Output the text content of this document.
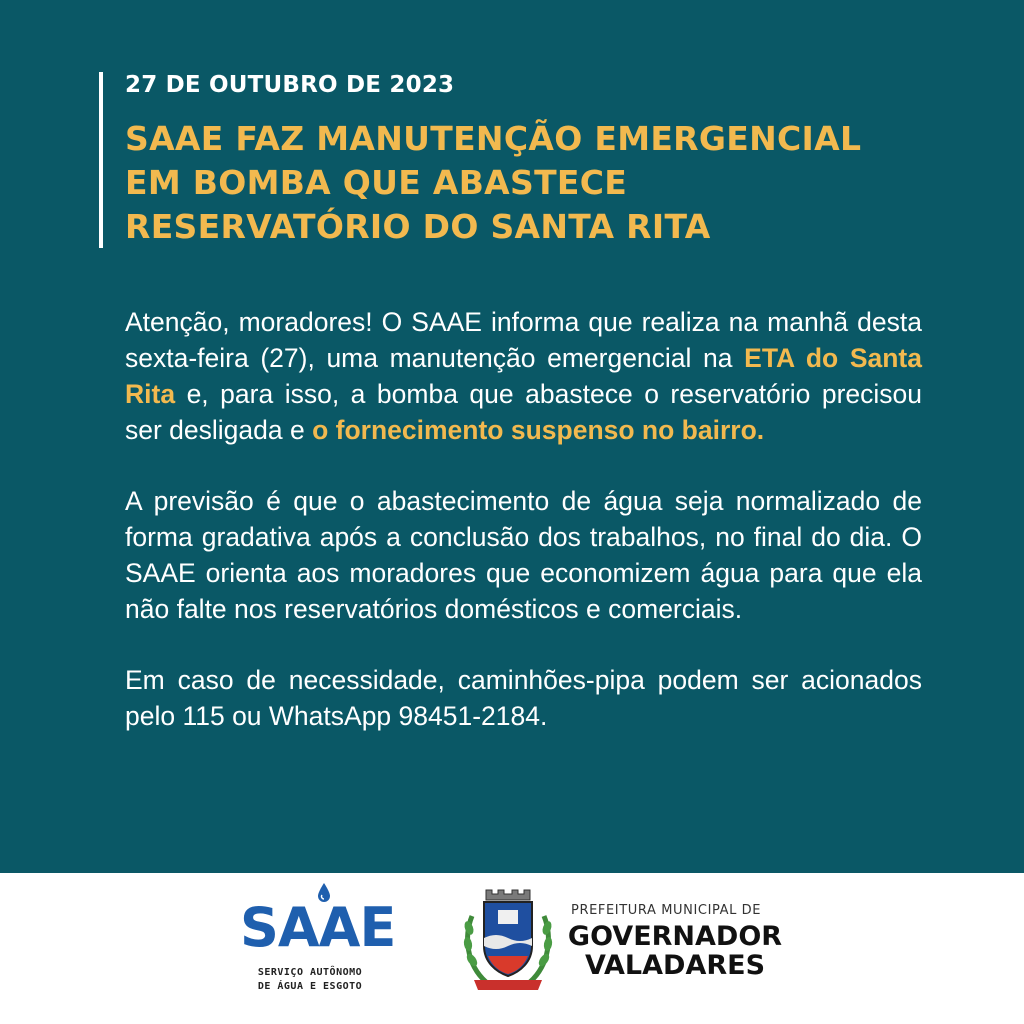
27 DE OUTUBRO DE 2023
SAAE FAZ MANUTENÇÃO EMERGENCIAL
EM BOMBA QUE ABASTECE
RESERVATÓRIO DO SANTA RITA

Atenção, moradores! O SAAE informa que realiza na manhã desta sexta-feira (27), uma manutenção emergencial na ETA do Santa Rita e, para isso, a bomba que abastece o reservatório precisou ser desligada e o fornecimento suspenso no bairro.

A previsão é que o abastecimento de água seja normalizado de forma gradativa após a conclusão dos trabalhos, no final do dia. O SAAE orienta aos moradores que economizem água para que ela não falte nos reservatórios domésticos e comerciais.

Em caso de necessidade, caminhões-pipa podem ser acionados pelo 115 ou WhatsApp 98451-2184.

SAAE
SERVIÇO AUTÔNOMO
DE ÁGUA E ESGOTO
PREFEITURA MUNICIPAL DE
GOVERNADOR
VALADARES
